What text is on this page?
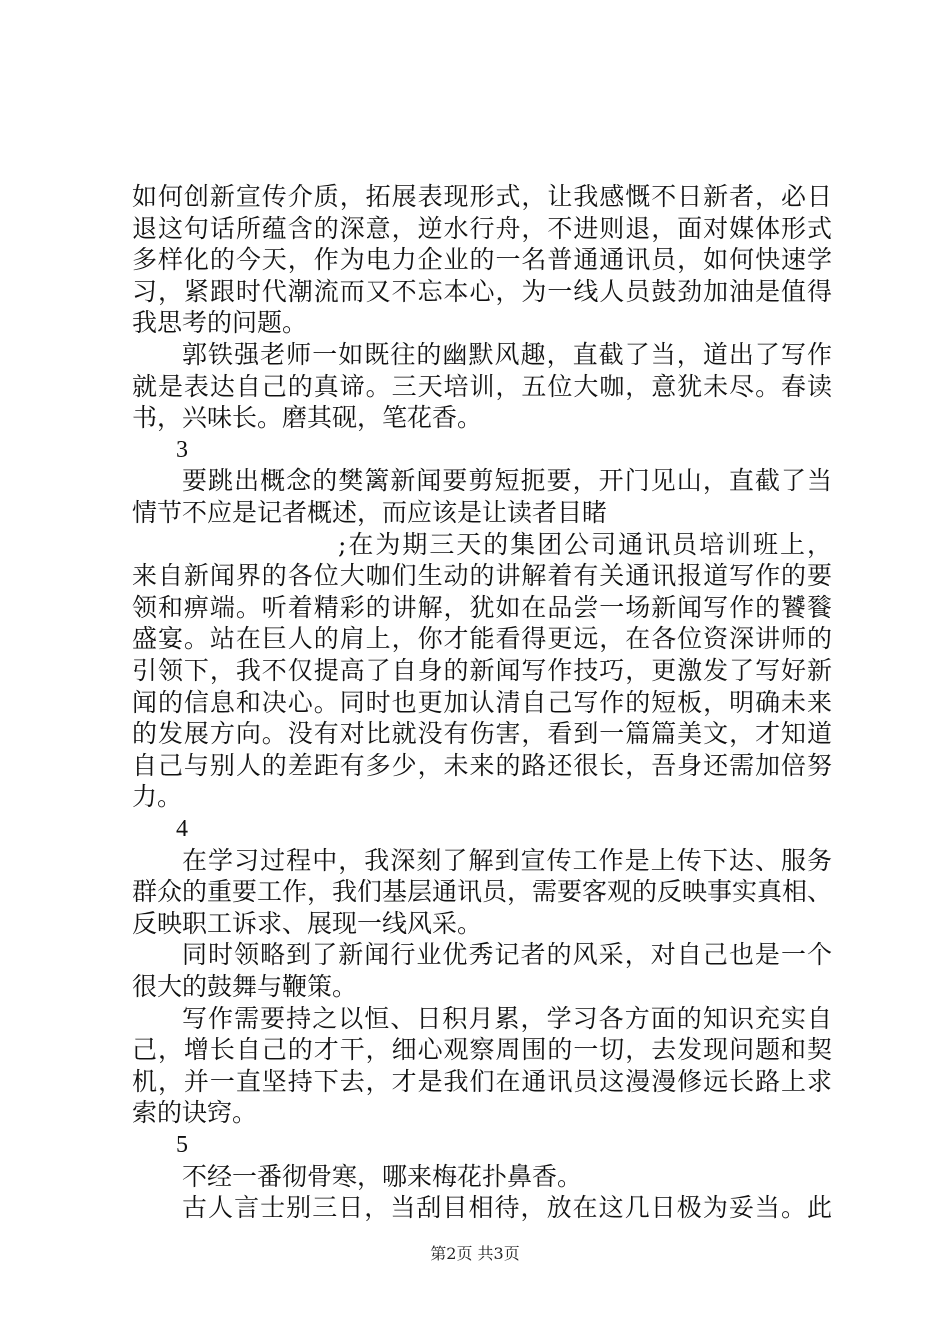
如何创新宣传介质，拓展表现形式，让我感慨不日新者，必日
退这句话所蕴含的深意，逆水行舟，不进则退，面对媒体形式
多样化的今天，作为电力企业的一名普通通讯员，如何快速学
习，紧跟时代潮流而又不忘本心，为一线人员鼓劲加油是值得
我思考的问题。
郭铁强老师一如既往的幽默风趣，直截了当，道出了写作
就是表达自己的真谛。三天培训，五位大咖，意犹未尽。春读
书，兴味长。磨其砚，笔花香。
3
要跳出概念的樊篱新闻要剪短扼要，开门见山，直截了当
情节不应是记者概述，而应该是让读者目睹
;在为期三天的集团公司通讯员培训班上，
来自新闻界的各位大咖们生动的讲解着有关通讯报道写作的要
领和痹端。听着精彩的讲解，犹如在品尝一场新闻写作的饕餮
盛宴。站在巨人的肩上，你才能看得更远，在各位资深讲师的
引领下，我不仅提高了自身的新闻写作技巧，更激发了写好新
闻的信息和决心。同时也更加认清自己写作的短板，明确未来
的发展方向。没有对比就没有伤害，看到一篇篇美文，才知道
自己与别人的差距有多少，未来的路还很长，吾身还需加倍努
力。
4
在学习过程中，我深刻了解到宣传工作是上传下达、服务
群众的重要工作，我们基层通讯员，需要客观的反映事实真相、
反映职工诉求、展现一线风采。
同时领略到了新闻行业优秀记者的风采，对自己也是一个
很大的鼓舞与鞭策。
写作需要持之以恒、日积月累，学习各方面的知识充实自
己，增长自己的才干，细心观察周围的一切，去发现问题和契
机，并一直坚持下去，才是我们在通讯员这漫漫修远长路上求
索的诀窍。
5
不经一番彻骨寒，哪来梅花扑鼻香。
古人言士别三日，当刮目相待，放在这几日极为妥当。此
第2页 共3页
